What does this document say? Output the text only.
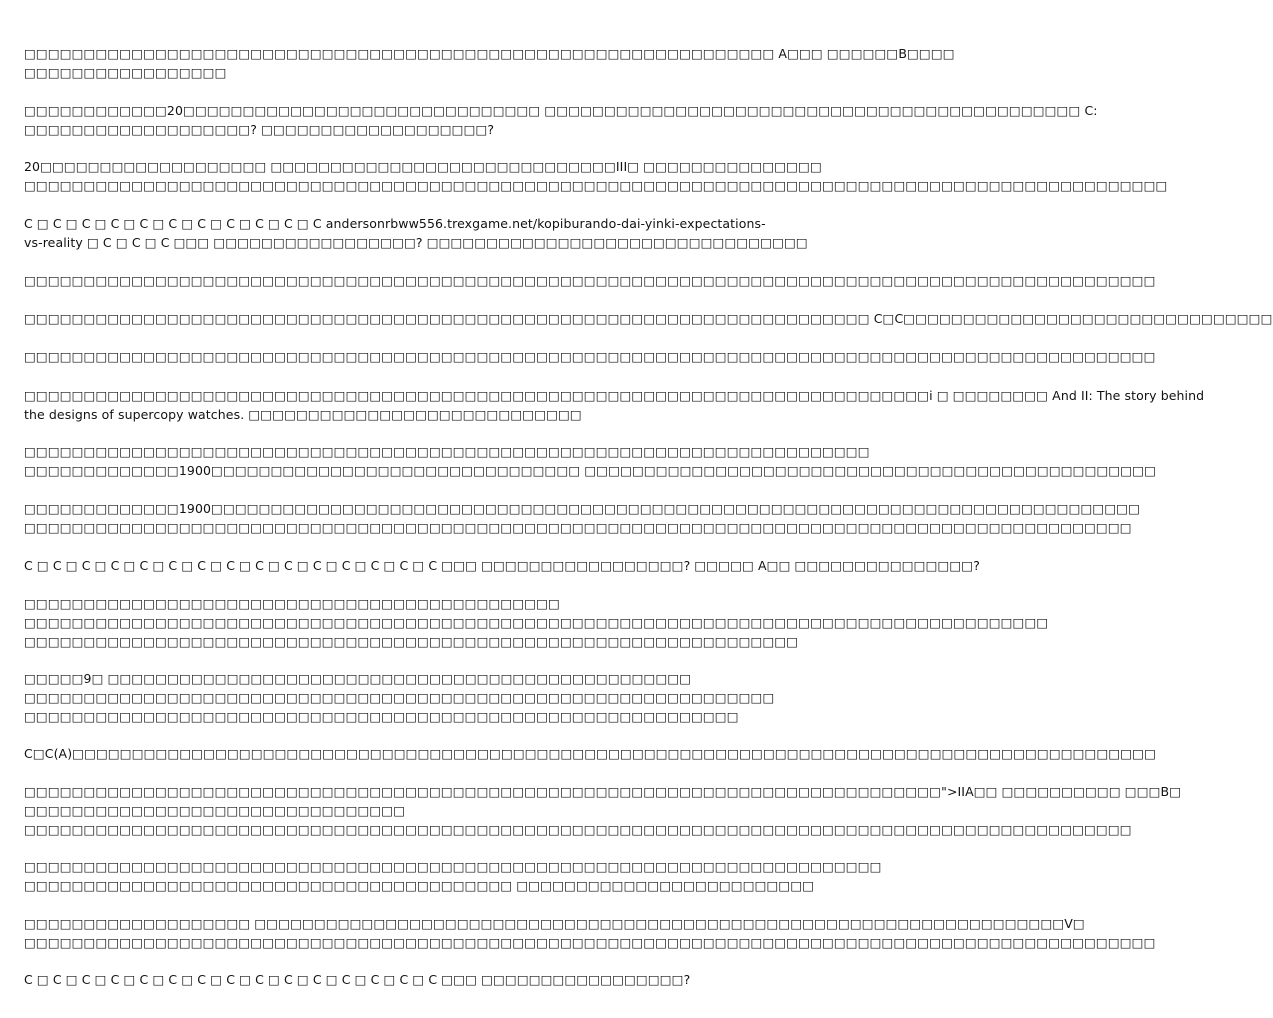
□□□□□□□□□□□□□□□□□□□□□□□□□□□□□□□□□□□□□□□□□□□□□□□□□□□□□□□□□□□□□□□ A□□□ □□□□□□B□□□□
□□□□□□□□□□□□□□□□□

□□□□□□□□□□□□20□□□□□□□□□□□□□□□□□□□□□□□□□□□□□□ □□□□□□□□□□□□□□□□□□□□□□□□□□□□□□□□□□□□□□□□□□□□□ C:
□□□□□□□□□□□□□□□□□□□? □□□□□□□□□□□□□□□□□□□?

20□□□□□□□□□□□□□□□□□□□ □□□□□□□□□□□□□□□□□□□□□□□□□□□□□III□ □□□□□□□□□□□□□□□
□□□□□□□□□□□□□□□□□□□□□□□□□□□□□□□□□□□□□□□□□□□□□□□□□□□□□□□□□□□□□□□□□□□□□□□□□□□□□□□□□□□□□□□□□□□□□□□□

C □ C □ C □ C □ C □ C □ C □ C □ C □ C □ C andersonrbww556.trexgame.net/kopiburando-dai-yinki-expectations-
vs-reality □ C □ C □ C □□□ □□□□□□□□□□□□□□□□□? □□□□□□□□□□□□□□□□□□□□□□□□□□□□□□□□

□□□□□□□□□□□□□□□□□□□□□□□□□□□□□□□□□□□□□□□□□□□□□□□□□□□□□□□□□□□□□□□□□□□□□□□□□□□□□□□□□□□□□□□□□□□□□□□

□□□□□□□□□□□□□□□□□□□□□□□□□□□□□□□□□□□□□□□□□□□□□□□□□□□□□□□□□□□□□□□□□□□□□□□ C□C□□□□□□□□□□□□□□□□□□□□□□□□□□□□□□□

□□□□□□□□□□□□□□□□□□□□□□□□□□□□□□□□□□□□□□□□□□□□□□□□□□□□□□□□□□□□□□□□□□□□□□□□□□□□□□□□□□□□□□□□□□□□□□□

□□□□□□□□□□□□□□□□□□□□□□□□□□□□□□□□□□□□□□□□□□□□□□□□□□□□□□□□□□□□□□□□□□□□□□□□□□□□i □ □□□□□□□□ And II: The story behind
the designs of supercopy watches. □□□□□□□□□□□□□□□□□□□□□□□□□□□□

□□□□□□□□□□□□□□□□□□□□□□□□□□□□□□□□□□□□□□□□□□□□□□□□□□□□□□□□□□□□□□□□□□□□□□□
□□□□□□□□□□□□□1900□□□□□□□□□□□□□□□□□□□□□□□□□□□□□□□ □□□□□□□□□□□□□□□□□□□□□□□□□□□□□□□□□□□□□□□□□□□□□□□□

□□□□□□□□□□□□□1900□□□□□□□□□□□□□□□□□□□□□□□□□□□□□□□□□□□□□□□□□□□□□□□□□□□□□□□□□□□□□□□□□□□□□□□□□□□□□□
□□□□□□□□□□□□□□□□□□□□□□□□□□□□□□□□□□□□□□□□□□□□□□□□□□□□□□□□□□□□□□□□□□□□□□□□□□□□□□□□□□□□□□□□□□□□□

C □ C □ C □ C □ C □ C □ C □ C □ C □ C □ C □ C □ C □ C □ C □□□ □□□□□□□□□□□□□□□□□? □□□□□ A□□ □□□□□□□□□□□□□□□?

□□□□□□□□□□□□□□□□□□□□□□□□□□□□□□□□□□□□□□□□□□□□□
□□□□□□□□□□□□□□□□□□□□□□□□□□□□□□□□□□□□□□□□□□□□□□□□□□□□□□□□□□□□□□□□□□□□□□□□□□□□□□□□□□□□□□
□□□□□□□□□□□□□□□□□□□□□□□□□□□□□□□□□□□□□□□□□□□□□□□□□□□□□□□□□□□□□□□□□

□□□□□9□ □□□□□□□□□□□□□□□□□□□□□□□□□□□□□□□□□□□□□□□□□□□□□□□□□
□□□□□□□□□□□□□□□□□□□□□□□□□□□□□□□□□□□□□□□□□□□□□□□□□□□□□□□□□□□□□□□
□□□□□□□□□□□□□□□□□□□□□□□□□□□□□□□□□□□□□□□□□□□□□□□□□□□□□□□□□□□□

C□C(A)□□□□□□□□□□□□□□□□□□□□□□□□□□□□□□□□□□□□□□□□□□□□□□□□□□□□□□□□□□□□□□□□□□□□□□□□□□□□□□□□□□□□□□□□□□□

□□□□□□□□□□□□□□□□□□□□□□□□□□□□□□□□□□□□□□□□□□□□□□□□□□□□□□□□□□□□□□□□□□□□□□□□□□□□□">IIA□□ □□□□□□□□□□ □□□B□
□□□□□□□□□□□□□□□□□□□□□□□□□□□□□□□□
□□□□□□□□□□□□□□□□□□□□□□□□□□□□□□□□□□□□□□□□□□□□□□□□□□□□□□□□□□□□□□□□□□□□□□□□□□□□□□□□□□□□□□□□□□□□□

□□□□□□□□□□□□□□□□□□□□□□□□□□□□□□□□□□□□□□□□□□□□□□□□□□□□□□□□□□□□□□□□□□□□□□□□
□□□□□□□□□□□□□□□□□□□□□□□□□□□□□□□□□□□□□□□□□ □□□□□□□□□□□□□□□□□□□□□□□□□

□□□□□□□□□□□□□□□□□□□ □□□□□□□□□□□□□□□□□□□□□□□□□□□□□□□□□□□□□□□□□□□□□□□□□□□□□□□□□□□□□□□□□□□□V□
□□□□□□□□□□□□□□□□□□□□□□□□□□□□□□□□□□□□□□□□□□□□□□□□□□□□□□□□□□□□□□□□□□□□□□□□□□□□□□□□□□□□□□□□□□□□□□□

C □ C □ C □ C □ C □ C □ C □ C □ C □ C □ C □ C □ C □ C □ C □□□ □□□□□□□□□□□□□□□□□?
